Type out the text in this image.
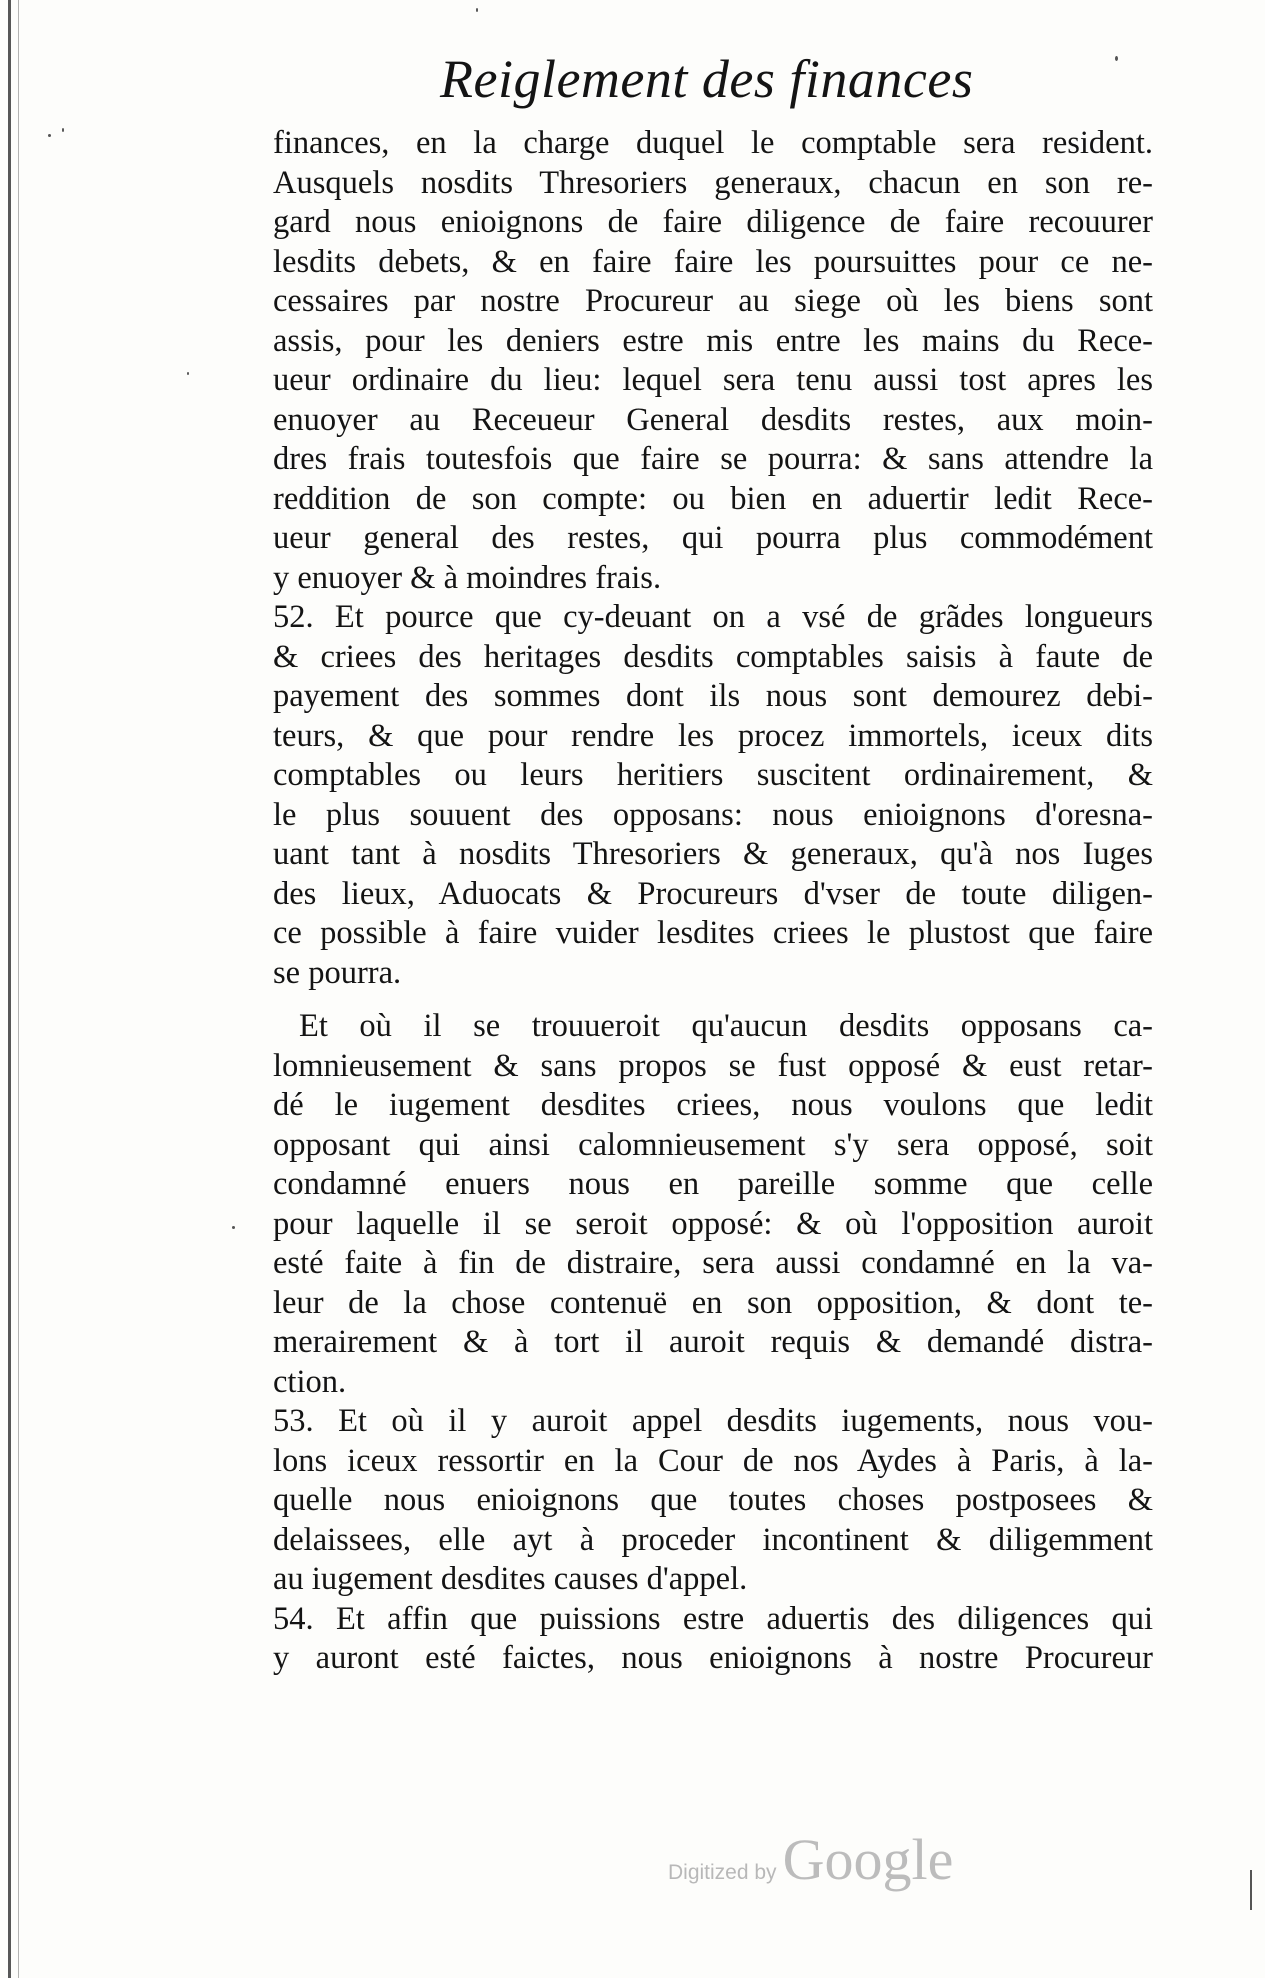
Reiglement des finances
finances, en la charge duquel le comptable sera resident.
Ausquels nosdits Thresoriers generaux, chacun en son re-
gard nous enioignons de faire diligence de faire recouurer
lesdits debets, & en faire faire les poursuittes pour ce ne-
cessaires par nostre Procureur au siege où les biens sont
assis, pour les deniers estre mis entre les mains du Rece-
ueur ordinaire du lieu: lequel sera tenu aussi tost apres les
enuoyer au Receueur General desdits restes, aux moin-
dres frais toutesfois que faire se pourra: & sans attendre la
reddition de son compte: ou bien en aduertir ledit Rece-
ueur general des restes, qui pourra plus commodément
y enuoyer & à moindres frais.
52. Et pource que cy-deuant on a vsé de grãdes longueurs
& criees des heritages desdits comptables saisis à faute de
payement des sommes dont ils nous sont demourez debi-
teurs, & que pour rendre les procez immortels, iceux dits
comptables ou leurs heritiers suscitent ordinairement, &
le plus souuent des opposans: nous enioignons d'oresna-
uant tant à nosdits Thresoriers & generaux, qu'à nos Iuges
des lieux, Aduocats & Procureurs d'vser de toute diligen-
ce possible à faire vuider lesdites criees le plustost que faire
se pourra.
Et où il se trouueroit qu'aucun desdits opposans ca-
lomnieusement & sans propos se fust opposé & eust retar-
dé le iugement desdites criees, nous voulons que ledit
opposant qui ainsi calomnieusement s'y sera opposé, soit
condamné enuers nous en pareille somme que celle
pour laquelle il se seroit opposé: & où l'opposition auroit
esté faite à fin de distraire, sera aussi condamné en la va-
leur de la chose contenuë en son opposition, & dont te-
merairement & à tort il auroit requis & demandé distra-
ction.
53. Et où il y auroit appel desdits iugements, nous vou-
lons iceux ressortir en la Cour de nos Aydes à Paris, à la-
quelle nous enioignons que toutes choses postposees &
delaissees, elle ayt à proceder incontinent & diligemment
au iugement desdites causes d'appel.
54. Et affin que puissions estre aduertis des diligences qui
y auront esté faictes, nous enioignons à nostre Procureur
Digitized by Google
